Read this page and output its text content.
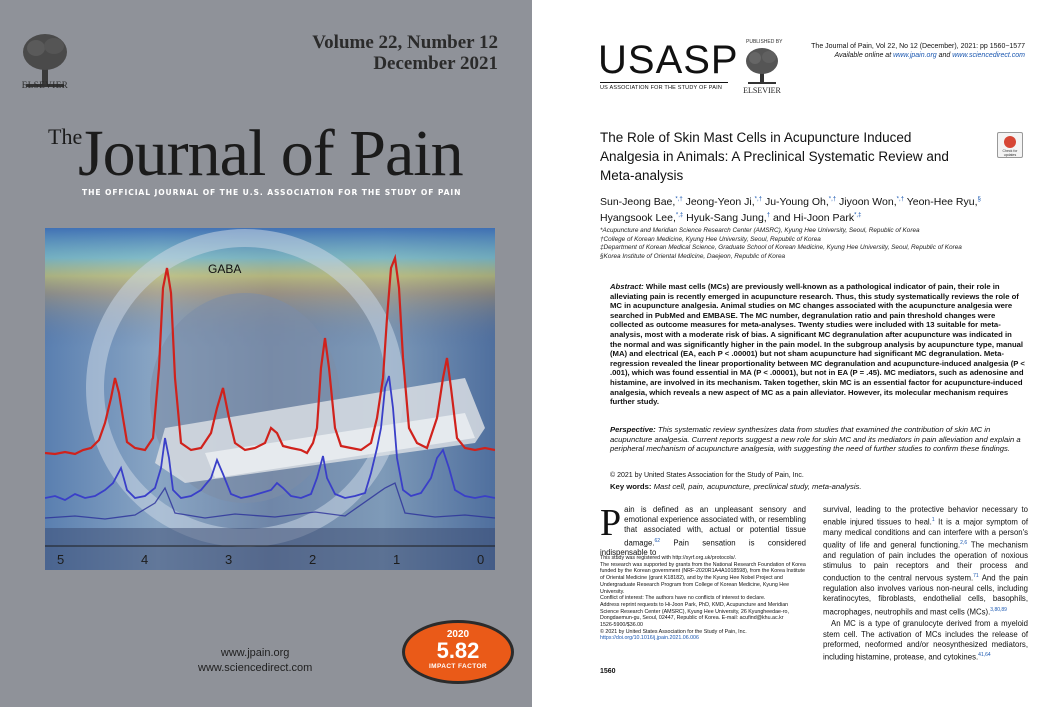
ELSEVIER
Volume 22, Number 12
December 2021
The
Journal of Pain
THE OFFICIAL JOURNAL OF THE U.S. ASSOCIATION FOR THE STUDY OF PAIN
GABA
5	4	3	2	1	0
www.jpain.org
www.sciencedirect.com
2020
5.82
IMPACT FACTOR
USASP
US ASSOCIATION FOR THE STUDY OF PAIN
PUBLISHED BY
ELSEVIER
The Journal of Pain, Vol 22, No 12 (December), 2021: pp 1560−1577
Available online at www.jpain.org and www.sciencedirect.com
The Role of Skin Mast Cells in Acupuncture Induced Analgesia in Animals: A Preclinical Systematic Review and Meta-analysis
Check for updates
Sun-Jeong Bae,*,† Jeong-Yeon Ji,*,† Ju-Young Oh,*,† Jiyoon Won,*,† Yeon-Hee Ryu,§ Hyangsook Lee,*,‡ Hyuk-Sang Jung,† and Hi-Joon Park*,‡
*Acupuncture and Meridian Science Research Center (AMSRC), Kyung Hee University, Seoul, Republic of Korea
†College of Korean Medicine, Kyung Hee University, Seoul, Republic of Korea
‡Department of Korean Medical Science, Graduate School of Korean Medicine, Kyung Hee University, Seoul, Republic of Korea
§Korea Institute of Oriental Medicine, Daejeon, Republic of Korea
Abstract: While mast cells (MCs) are previously well-known as a pathological indicator of pain, their role in alleviating pain is recently emerged in acupuncture research. Thus, this study systematically reviews the role of MC in acupuncture analgesia. Animal studies on MC changes associated with the acupuncture analgesia were searched in PubMed and EMBASE. The MC number, degranulation ratio and pain threshold changes were collected as outcome measures for meta-analyses. Twenty studies were included with 13 suitable for meta-analysis, most with a moderate risk of bias. A significant MC degranulation after acupuncture was indicated in the normal and was significantly higher in the pain model. In the subgroup analysis by acupuncture type, manual (MA) and electrical (EA, each P < .00001) but not sham acupuncture had significant MC degranulation. Meta-regression revealed the linear proportionality between MC degranulation and acupuncture-induced analgesia (P < .001), which was found essential in MA (P < .00001), but not in EA (P = .45). MC mediators, such as adenosine and histamine, are involved in its mechanism. Taken together, skin MC is an essential factor for acupuncture-induced analgesia, which reveals a new aspect of MC as a pain alleviator. However, its molecular mechanism requires further study.
Perspective: This systematic review synthesizes data from studies that examined the contribution of skin MC in acupuncture analgesia. Current reports suggest a new role for skin MC and its mediators in pain alleviation and explain a peripheral mechanism of acupuncture analgesia, with suggesting the need of further studies to confirm these findings.
© 2021 by United States Association for the Study of Pain, Inc.
Key words: Mast cell, pain, acupuncture, preclinical study, meta-analysis.
Pain is defined as an unpleasant sensory and emotional experience associated with, or resembling that associated with, actual or potential tissue damage.$^{62}$ Pain sensation is considered indispensable to
This study was registered with http://syrf.org.uk/protocols/.
The research was supported by grants from the National Research Foundation of Korea funded by the Korean government (NRF-2020R1A4A1018598), from the Korea Institute of Oriental Medicine (grant K18182), and by the Kyung Hee Nobel Project and Undergraduate Research Program from College of Korean Medicine, Kyung Hee University.
Conflict of interest: The authors have no conflicts of interest to declare.
Address reprint requests to Hi-Joon Park, PhD, KMD, Acupuncture and Meridian Science Research Center (AMSRC), Kyung Hee University, 26 Kyungheedae-ro, Dongdaemun-gu, Seoul, 02447, Republic of Korea. E-mail: acufind@khu.ac.kr
1526-5900/$36.00
© 2021 by United States Association for the Study of Pain, Inc.
https://doi.org/10.1016/j.jpain.2021.06.006
1560

survival, leading to the protective behavior necessary to enable injured tissues to heal.$^1$ It is a major symptom of many medical conditions and can interfere with a person's quality of life and general functioning.$^{2,6}$ The mechanism and regulation of pain includes the operation of noxious stimulus to pain receptors and their process and conduction to the central nervous system.$^{71}$ And the pain regulation also involves various non-neural cells, including keratinocytes, fibroblasts, endothelial cells, basophils, macrophages, neutrophils and mast cells (MCs).$^{3,80,89}$

An MC is a type of granulocyte derived from a myeloid stem cell. The activation of MCs includes the release of preformed, neoformed and/or neosynthesized mediators, including histamine, protease, and cytokines.$^{41,64}$
